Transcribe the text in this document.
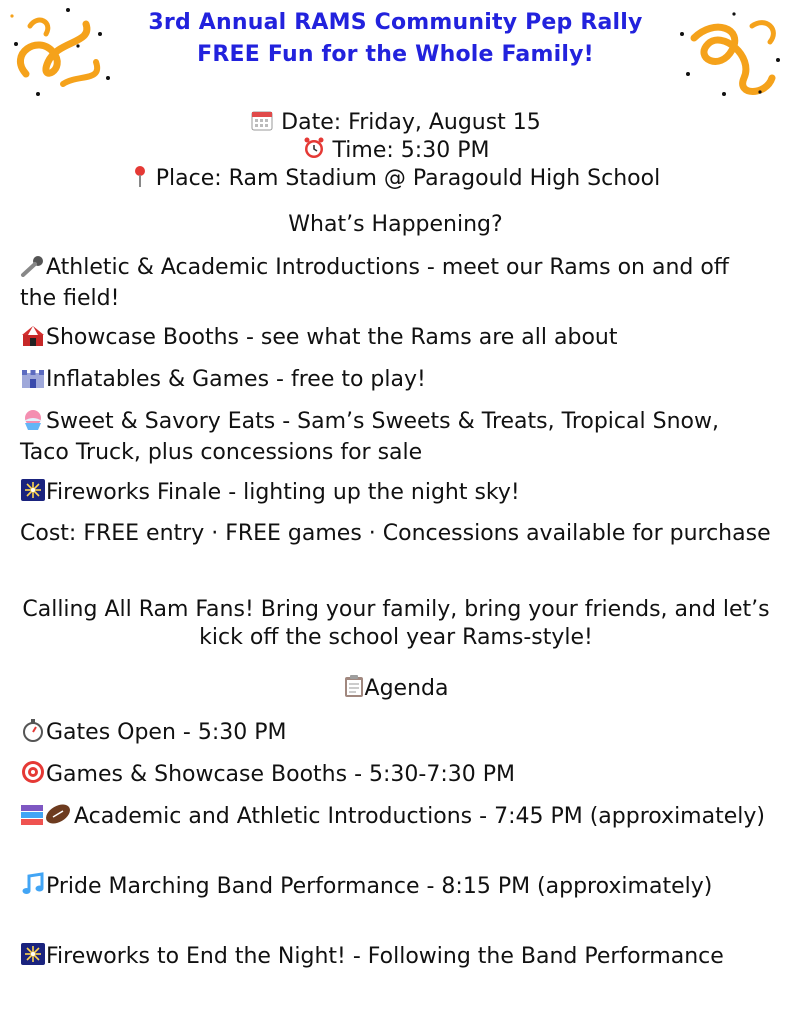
3rd Annual RAMS Community Pep Rally
FREE Fun for the Whole Family!
Date: Friday, August 15
Time: 5:30 PM
Place: Ram Stadium @ Paragould High School
What’s Happening?
Athletic & Academic Introductions - meet our Rams on and off the field!
Showcase Booths - see what the Rams are all about
Inflatables & Games - free to play!
Sweet & Savory Eats - Sam’s Sweets & Treats, Tropical Snow, Taco Truck, plus concessions for sale
Fireworks Finale - lighting up the night sky!
Cost: FREE entry · FREE games · Concessions available for purchase
Calling All Ram Fans! Bring your family, bring your friends, and let’s kick off the school year Rams-style!
Agenda
Gates Open - 5:30 PM
Games & Showcase Booths - 5:30-7:30 PM
Academic and Athletic Introductions - 7:45 PM (approximately)
Pride Marching Band Performance - 8:15 PM (approximately)
Fireworks to End the Night! - Following the Band Performance
